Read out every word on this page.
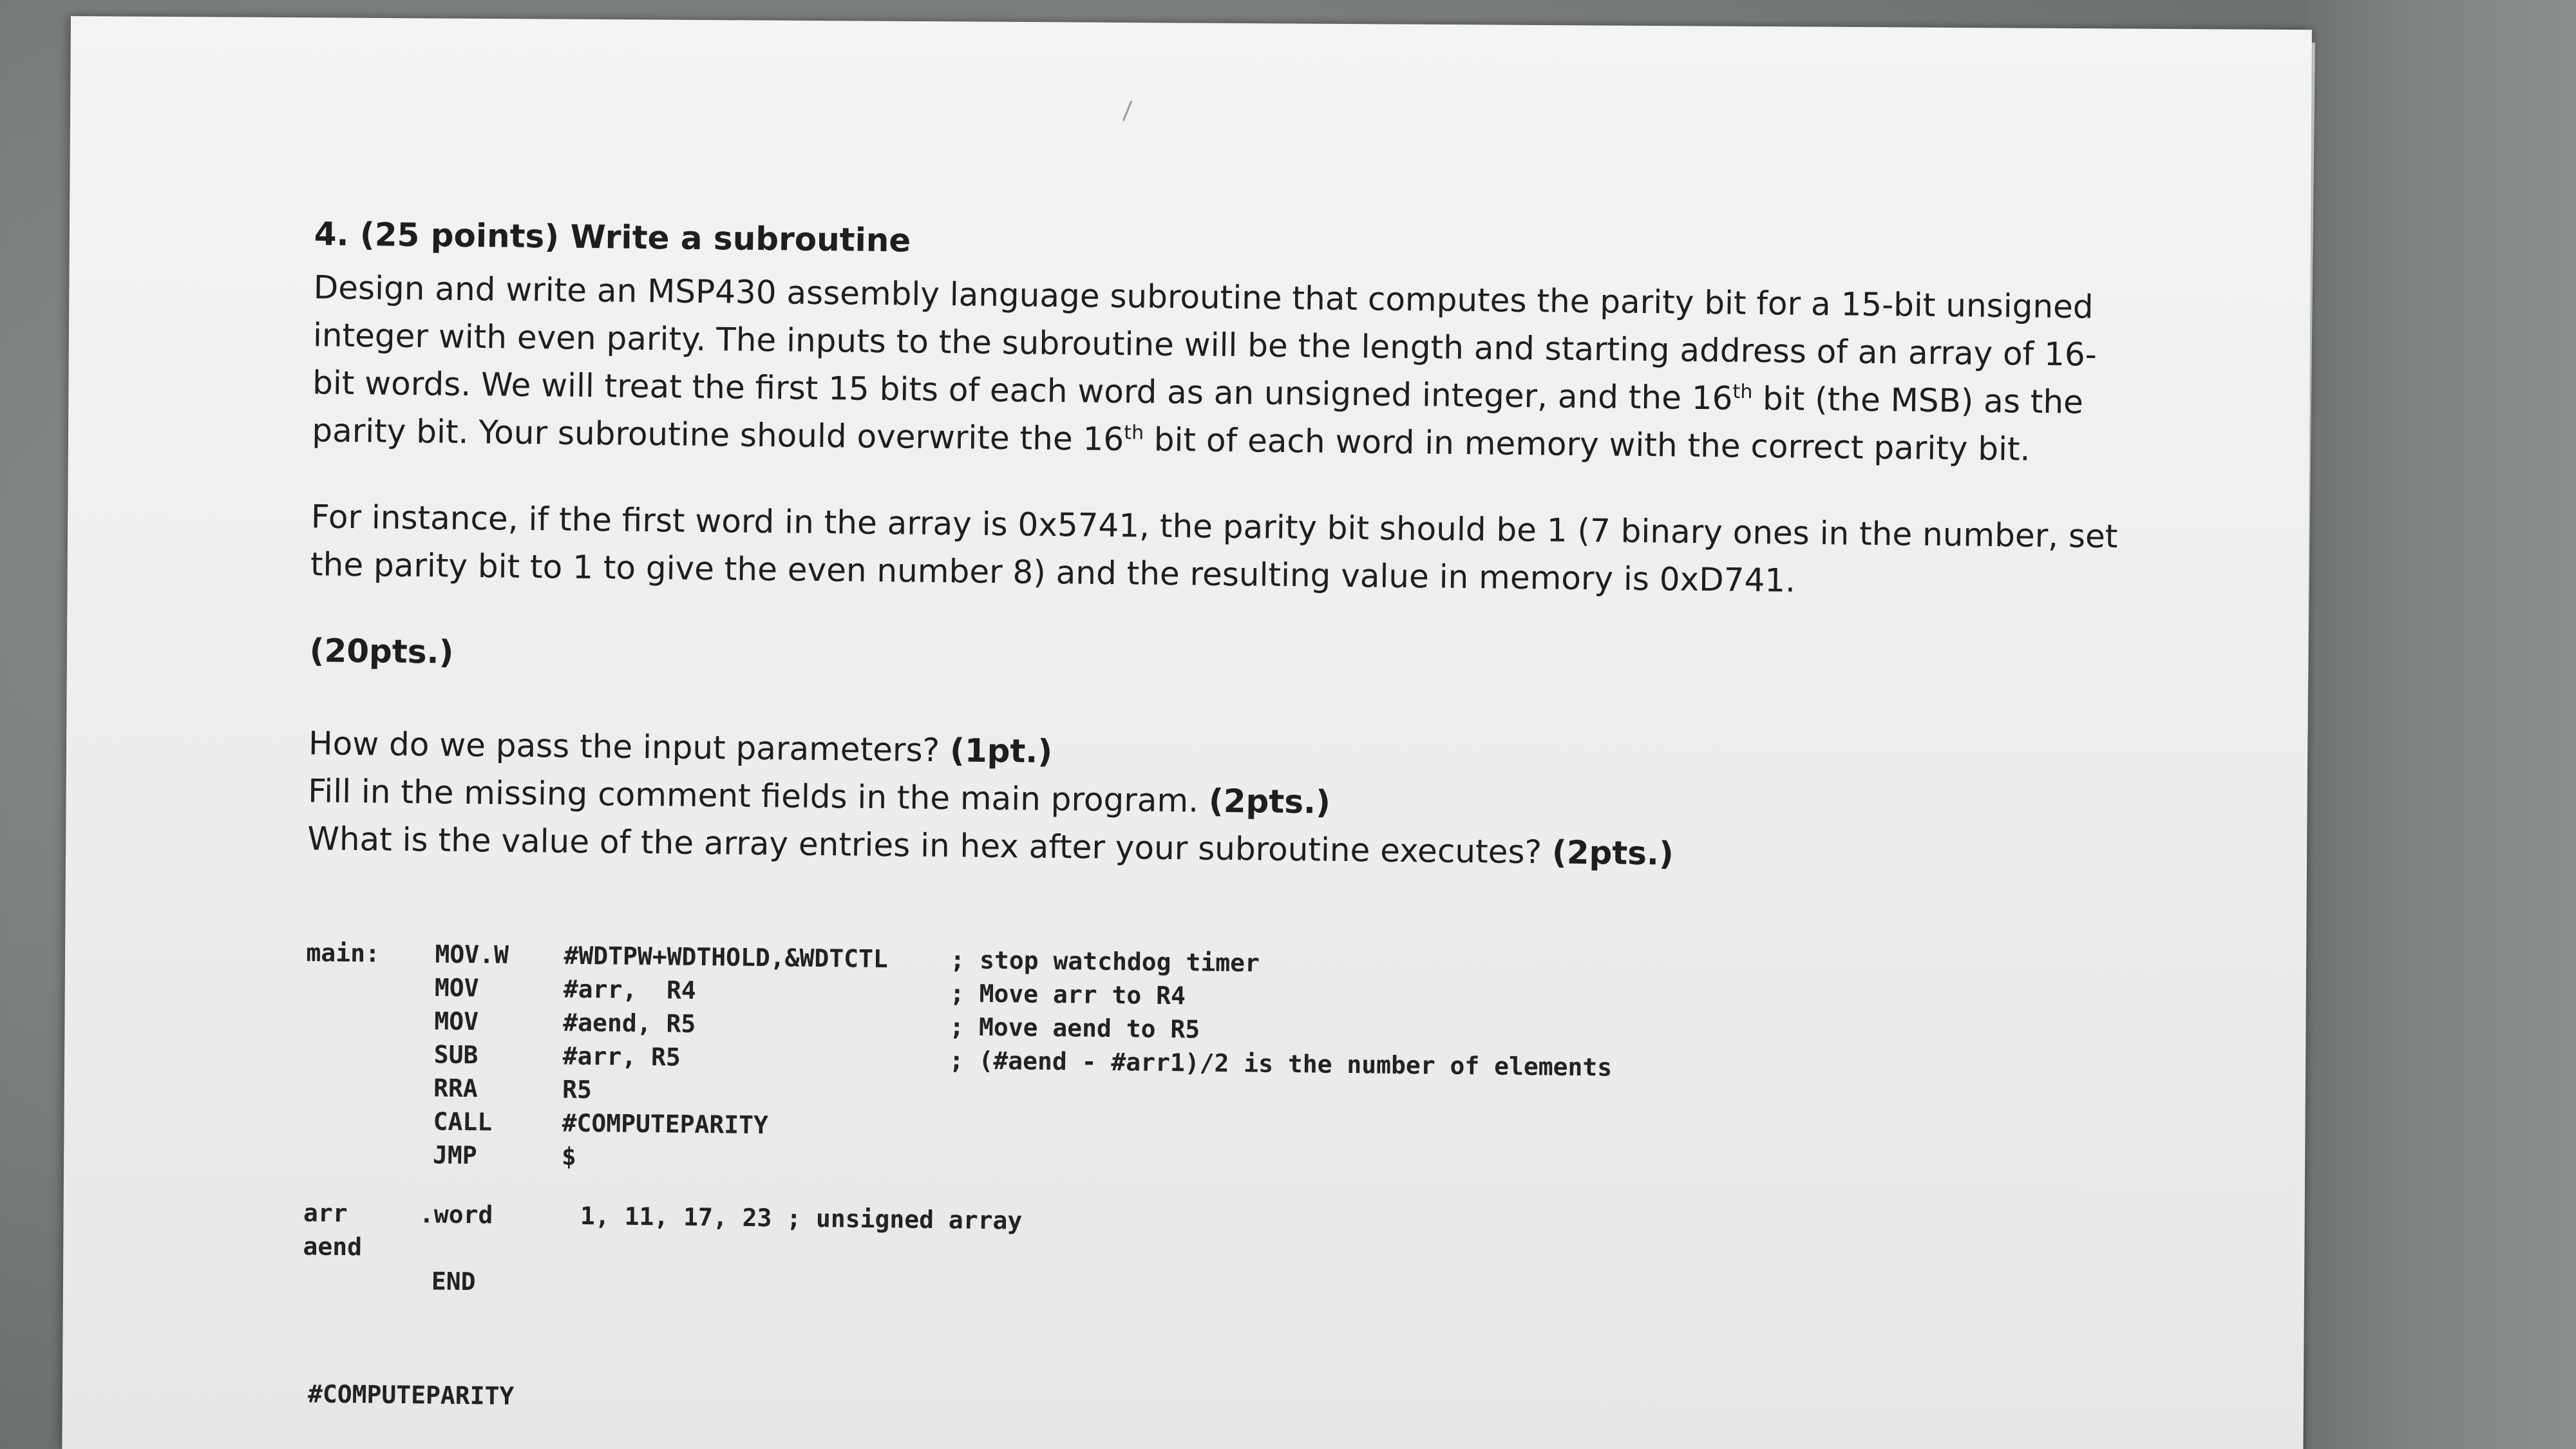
4. (25 points) Write a subroutine

Design and write an MSP430 assembly language subroutine that computes the parity bit for a 15-bit unsigned
integer with even parity. The inputs to the subroutine will be the length and starting address of an array of 16-
bit words. We will treat the first 15 bits of each word as an unsigned integer, and the 16th bit (the MSB) as the
parity bit. Your subroutine should overwrite the 16th bit of each word in memory with the correct parity bit.

For instance, if the first word in the array is 0x5741, the parity bit should be 1 (7 binary ones in the number, set
the parity bit to 1 to give the even number 8) and the resulting value in memory is 0xD741.

(20pts.)

How do we pass the input parameters? (1pt.)
Fill in the missing comment fields in the main program. (2pts.)
What is the value of the array entries in hex after your subroutine executes? (2pts.)
main: MOV.W #WDTPW+WDTHOLD,&WDTCTL	; stop watchdog timer
MOV	#arr,  R4	; Move arr to R4
MOV	#aend, R5	; Move aend to R5
SUB	#arr, R5	; (#aend - #arr1)/2 is the number of elements
RRA	R5
CALL	#COMPUTEPARITY
JMP	$
arr	.word	1, 11, 17, 23 ; unsigned array
aend
END
#COMPUTEPARITY
